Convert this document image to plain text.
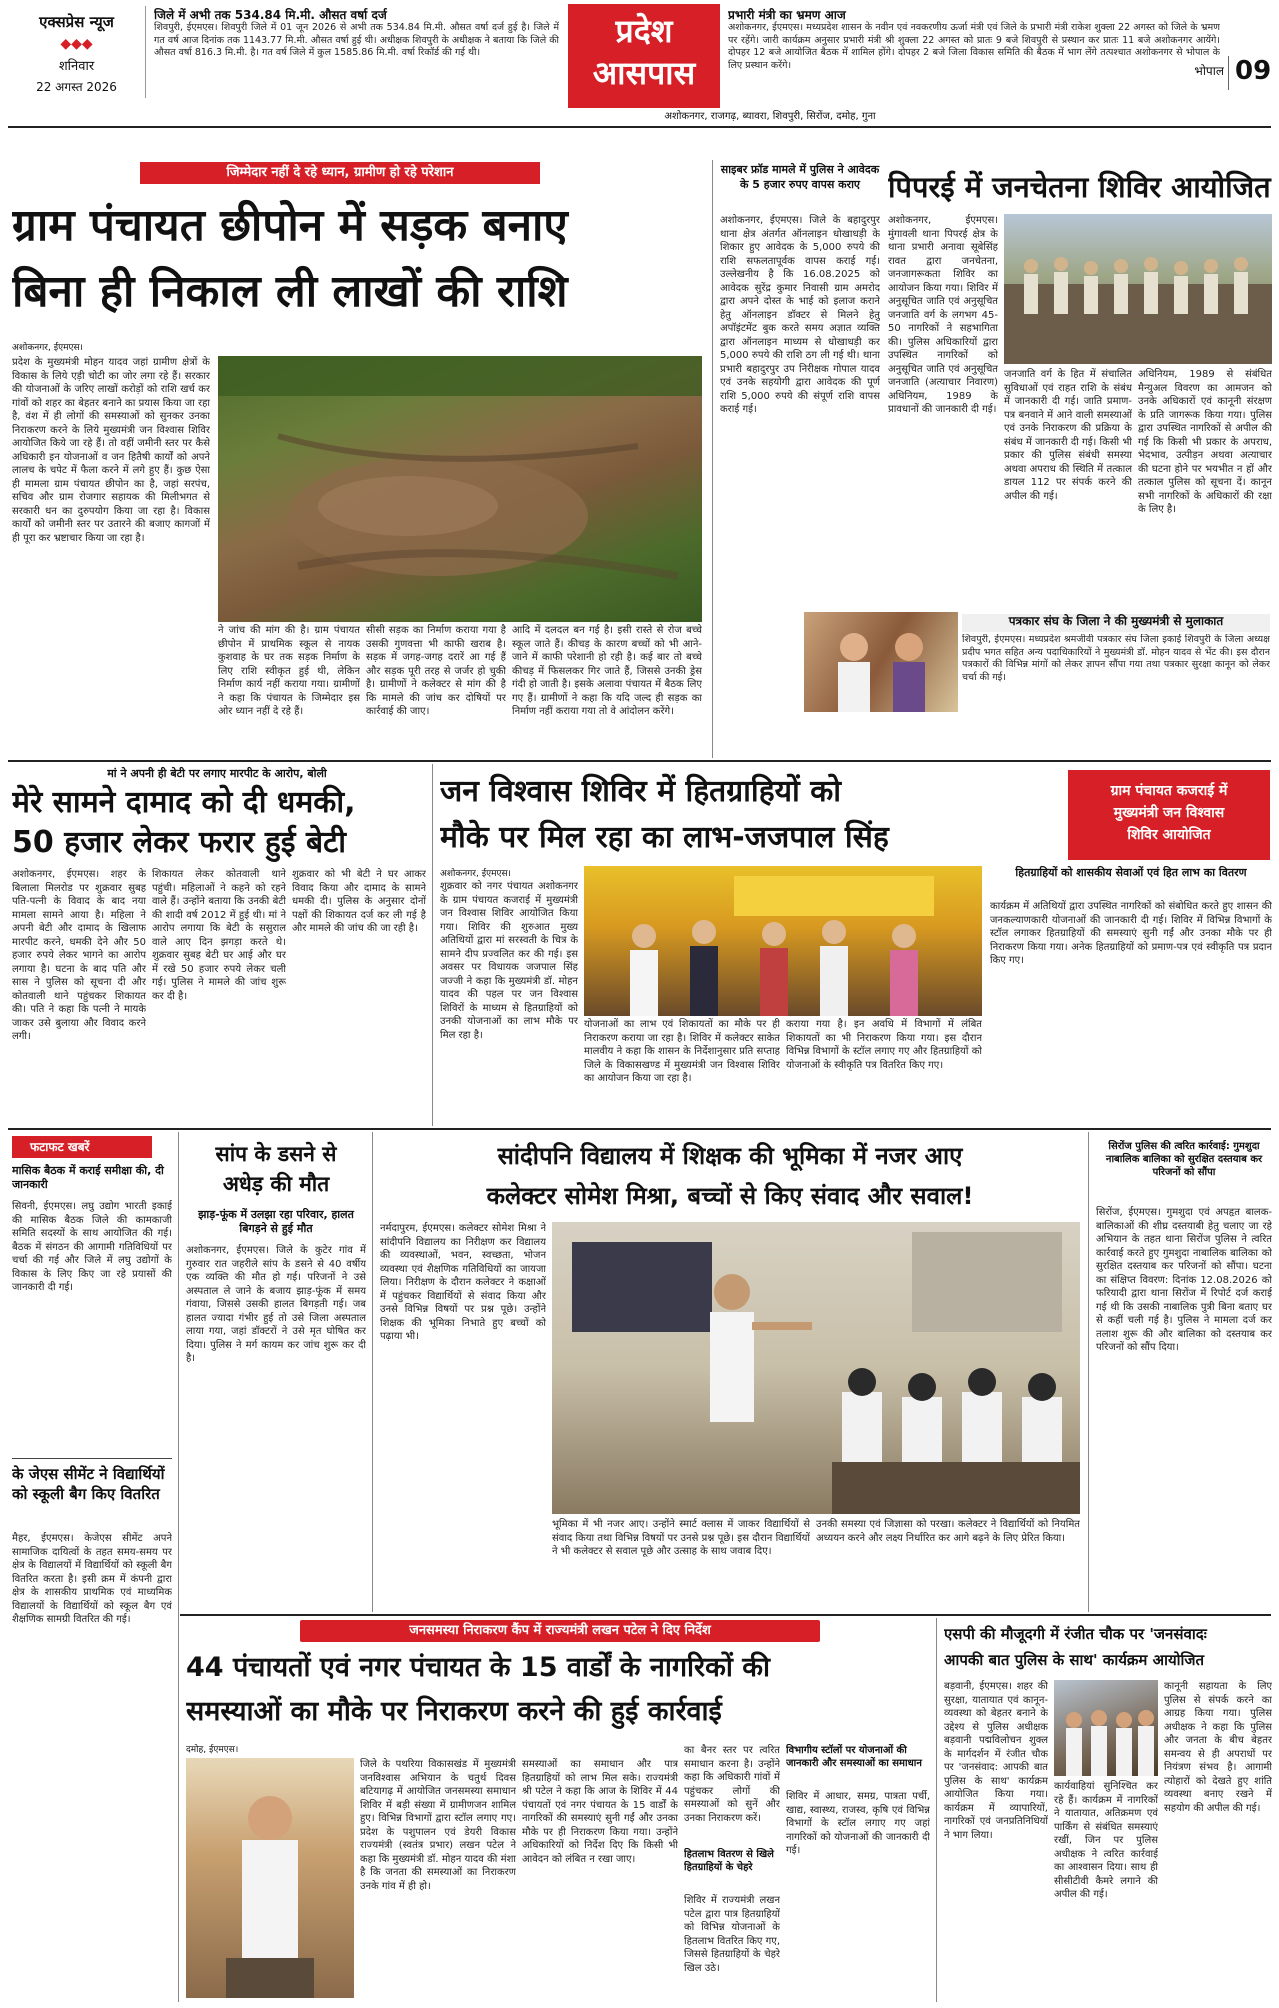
एक्सप्रेस न्यूज
◆◆◆
शनिवार
22 अगस्त 2026
जिले में अभी तक 534.84 मि.मी. औसत वर्षा दर्ज
शिवपुरी, ईएमएस। शिवपुरी जिले में 01 जून 2026 से अभी तक 534.84 मि.मी. औसत वर्षा दर्ज हुई है। जिले में गत वर्ष आज दिनांक तक 1143.77 मि.मी. औसत वर्षा हुई थी। अधीक्षक शिवपुरी के अधीक्षक ने बताया कि जिले की औसत वर्षा 816.3 मि.मी. है। गत वर्ष जिले में कुल 1585.86 मि.मी. वर्षा रिकॉर्ड की गई थी।
प्रदेश
आसपास
प्रभारी मंत्री का भ्रमण आज
अशोकनगर, ईएमएस। मध्यप्रदेश शासन के नवीन एवं नवकरणीय ऊर्जा मंत्री एवं जिले के प्रभारी मंत्री राकेश शुक्ला 22 अगस्त को जिले के भ्रमण पर रहेंगे। जारी कार्यक्रम अनुसार प्रभारी मंत्री श्री शुक्ला 22 अगस्त को प्रातः 9 बजे शिवपुरी से प्रस्थान कर प्रातः 11 बजे अशोकनगर आयेंगे। दोपहर 12 बजे आयोजित बैठक में शामिल होंगे। दोपहर 2 बजे जिला विकास समिति की बैठक में भाग लेंगे तत्पश्चात अशोकनगर से भोपाल के लिए प्रस्थान करेंगे।	भोपाल 09
अशोकनगर, राजगढ़, ब्यावरा, शिवपुरी, सिरोंज, दमोह, गुना
जिम्मेदार नहीं दे रहे ध्यान, ग्रामीण हो रहे परेशान
ग्राम पंचायत छीपोन में सड़क बनाए
बिना ही निकाल ली लाखों की राशि
अशोकनगर, ईएमएस।
प्रदेश के मुख्यमंत्री मोहन यादव जहां ग्रामीण क्षेत्रों के विकास के लिये एड़ी चोटी का जोर लगा रहे हैं। सरकार की योजनाओं के जरिए लाखों करोड़ों को राशि खर्च कर गांवों को शहर का बेहतर बनाने का प्रयास किया जा रहा है, वंश में ही लोगों की समस्याओं को सुनकर उनका निराकरण करने के लिये मुख्यमंत्री जन विश्वास शिविर आयोजित किये जा रहे हैं। तो वहीं जमीनी स्तर पर कैसे अधिकारी इन योजनाओं व जन हितैषी कार्यों को अपने लालच के चपेट में फैला करने में लगे हुए हैं। कुछ ऐसा ही मामला ग्राम पंचायत छीपोन का है, जहां सरपंच, सचिव और ग्राम रोजगार सहायक की मिलीभगत से सरकारी धन का दुरुपयोग किया जा रहा है। विकास कार्यों को जमीनी स्तर पर उतारने की बजाए कागजों में ही पूरा कर भ्रष्टाचार किया जा रहा है।
आदि में दलदल बन गई है। इसी रास्ते से रोज बच्चे स्कूल जाते हैं। कीचड़ के कारण बच्चों को भी आने-जाने में काफी परेशानी हो रही है। कई बार तो बच्चे कीचड़ में फिसलकर गिर जाते हैं, जिससे उनकी ड्रेस गंदी हो जाती है। इसके अलावा पंचायत में बैठक लिए गए हैं। ग्रामीणों ने कहा कि यदि जल्द ही सड़क का निर्माण नहीं कराया गया तो वे आंदोलन करेंगे।
ने जांच की मांग की है। ग्राम पंचायत छीपोन में प्राथमिक स्कूल से नायक कुशवाह के घर तक सड़क निर्माण के लिए राशि स्वीकृत हुई थी, लेकिन निर्माण कार्य नहीं कराया गया। ग्रामीणों ने कहा कि पंचायत के जिम्मेदार इस ओर ध्यान नहीं दे रहे हैं।
सीसी सड़क का निर्माण कराया गया है उसकी गुणवत्ता भी काफी खराब है। सड़क में जगह-जगह दरारें आ गई हैं और सड़क पूरी तरह से जर्जर हो चुकी है। ग्रामीणों ने कलेक्टर से मांग की है कि मामले की जांच कर दोषियों पर कार्रवाई की जाए।
साइबर फ्रॉड मामले में पुलिस ने आवेदक के 5 हजार रुपए वापस कराए
अशोकनगर, ईएमएस। जिले के बहादुरपुर थाना क्षेत्र अंतर्गत ऑनलाइन धोखाधड़ी के शिकार हुए आवेदक के 5,000 रुपये की राशि सफलतापूर्वक वापस कराई गई। उल्लेखनीय है कि 16.08.2025 को आवेदक सुरेंद्र कुमार निवासी ग्राम अमरोद द्वारा अपने दोस्त के भाई को इलाज कराने हेतु ऑनलाइन डॉक्टर से मिलने हेतु अपॉइंटमेंट बुक करते समय अज्ञात व्यक्ति द्वारा ऑनलाइन माध्यम से धोखाधड़ी कर 5,000 रुपये की राशि ठग ली गई थी। थाना प्रभारी बहादुरपुर उप निरीक्षक गोपाल यादव एवं उनके सहयोगी द्वारा आवेदक की पूर्ण राशि 5,000 रुपये की संपूर्ण राशि वापस कराई गई।
पिपरई में जनचेतना शिविर आयोजित
अशोकनगर, ईएमएस। मुंगावली थाना पिपरई क्षेत्र के थाना प्रभारी अनावा सूबेसिंह रावत द्वारा जनचेतना, जनजागरूकता शिविर का आयोजन किया गया। शिविर में अनुसूचित जाति एवं अनुसूचित जनजाति वर्ग के लगभग 45-50 नागरिकों ने सहभागिता की। पुलिस अधिकारियों द्वारा उपस्थित नागरिकों को अनुसूचित जाति एवं अनुसूचित जनजाति (अत्याचार निवारण) अधिनियम, 1989 के प्रावधानों की जानकारी दी गई।
जनजाति वर्ग के हित में संचालित सुविधाओं एवं राहत राशि के संबंध में जानकारी दी गई। जाति प्रमाण-पत्र बनवाने में आने वाली समस्याओं एवं उनके निराकरण की प्रक्रिया के संबंध में जानकारी दी गई। किसी भी प्रकार की पुलिस संबंधी समस्या अथवा अपराध की स्थिति में तत्काल डायल 112 पर संपर्क करने की अपील की गई।
अधिनियम, 1989 से संबंधित मैन्युअल विवरण का आमजन को उनके अधिकारों एवं कानूनी संरक्षण के प्रति जागरूक किया गया। पुलिस द्वारा उपस्थित नागरिकों से अपील की गई कि किसी भी प्रकार के अपराध, भेदभाव, उत्पीड़न अथवा अत्याचार की घटना होने पर भयभीत न हों और तत्काल पुलिस को सूचना दें। कानून सभी नागरिकों के अधिकारों की रक्षा के लिए है।
पत्रकार संघ के जिला ने की मुख्यमंत्री से मुलाकात
शिवपुरी, ईएमएस। मध्यप्रदेश श्रमजीवी पत्रकार संघ जिला इकाई शिवपुरी के जिला अध्यक्ष प्रदीप भगत सहित अन्य पदाधिकारियों ने मुख्यमंत्री डॉ. मोहन यादव से भेंट की। इस दौरान पत्रकारों की विभिन्न मांगों को लेकर ज्ञापन सौंपा गया तथा पत्रकार सुरक्षा कानून को लेकर चर्चा की गई।
मां ने अपनी ही बेटी पर लगाए मारपीट के आरोप, बोली
मेरे सामने दामाद को दी धमकी,
50 हजार लेकर फरार हुई बेटी
अशोकनगर, ईएमएस। शहर के बिलाला मिलरोड पर शुक्रवार सुबह पति-पत्नी के विवाद के बाद नया मामला सामने आया है। महिला ने अपनी बेटी और दामाद के खिलाफ मारपीट करने, धमकी देने और 50 हजार रुपये लेकर भागने का आरोप लगाया है। घटना के बाद पति और सास ने पुलिस को सूचना दी और कोतवाली थाने पहुंचकर शिकायत की। पति ने कहा कि पत्नी ने मायके जाकर उसे बुलाया और विवाद करने लगी।
शिकायत लेकर कोतवाली थाने पहुंची। महिलाओं ने कहने को रहने वाले हैं। उन्होंने बताया कि उनकी बेटी की शादी वर्ष 2012 में हुई थी। मां ने आरोप लगाया कि बेटी के ससुराल वाले आए दिन झगड़ा करते थे। शुक्रवार सुबह बेटी घर आई और घर में रखे 50 हजार रुपये लेकर चली गई। पुलिस ने मामले की जांच शुरू कर दी है।
शुक्रवार को भी बेटी ने घर आकर विवाद किया और दामाद के सामने धमकी दी। पुलिस के अनुसार दोनों पक्षों की शिकायत दर्ज कर ली गई है और मामले की जांच की जा रही है।
जन विश्वास शिविर में हितग्राहियों को
मौके पर मिल रहा का लाभ-जजपाल सिंह
अशोकनगर, ईएमएस।
शुक्रवार को नगर पंचायत अशोकनगर के ग्राम पंचायत कजराई में मुख्यमंत्री जन विश्वास शिविर आयोजित किया गया। शिविर की शुरुआत मुख्य अतिथियों द्वारा मां सरस्वती के चित्र के सामने दीप प्रज्वलित कर की गई। इस अवसर पर विधायक जजपाल सिंह जज्जी ने कहा कि मुख्यमंत्री डॉ. मोहन यादव की पहल पर जन विश्वास शिविरों के माध्यम से हितग्राहियों को उनकी योजनाओं का लाभ मौके पर मिल रहा है।
योजनाओं का लाभ एवं शिकायतों का मौके पर ही निराकरण कराया जा रहा है। शिविर में कलेक्टर साकेत मालवीय ने कहा कि शासन के निर्देशानुसार प्रति सप्ताह जिले के विकासखण्ड में मुख्यमंत्री जन विश्वास शिविर का आयोजन किया जा रहा है।
कराया गया है। इन अवधि में विभागों में लंबित शिकायतों का भी निराकरण किया गया। इस दौरान विभिन्न विभागों के स्टॉल लगाए गए और हितग्राहियों को योजनाओं के स्वीकृति पत्र वितरित किए गए।
ग्राम पंचायत कजराई में
मुख्यमंत्री जन विश्वास
शिविर आयोजित
हितग्राहियों को शासकीय सेवाओं एवं हित लाभ का वितरण
कार्यक्रम में अतिथियों द्वारा उपस्थित नागरिकों को संबोधित करते हुए शासन की जनकल्याणकारी योजनाओं की जानकारी दी गई। शिविर में विभिन्न विभागों के स्टॉल लगाकर हितग्राहियों की समस्याएं सुनी गईं और उनका मौके पर ही निराकरण किया गया। अनेक हितग्राहियों को प्रमाण-पत्र एवं स्वीकृति पत्र प्रदान किए गए।
फटाफट खबरें
मासिक बैठक में कराई समीक्षा की, दी जानकारी
सिवनी, ईएमएस। लघु उद्योग भारती इकाई की मासिक बैठक जिले की कामकाजी समिति सदस्यों के साथ आयोजित की गई। बैठक में संगठन की आगामी गतिविधियों पर चर्चा की गई और जिले में लघु उद्योगों के विकास के लिए किए जा रहे प्रयासों की जानकारी दी गई।
के जेएस सीमेंट ने विद्यार्थियों को स्कूली बैग किए वितरित
मैहर, ईएमएस। केजेएस सीमेंट अपने सामाजिक दायित्वों के तहत समय-समय पर क्षेत्र के विद्यालयों में विद्यार्थियों को स्कूली बैग वितरित करता है। इसी क्रम में कंपनी द्वारा क्षेत्र के शासकीय प्राथमिक एवं माध्यमिक विद्यालयों के विद्यार्थियों को स्कूल बैग एवं शैक्षणिक सामग्री वितरित की गई।
सांप के डसने से
अधेड़ की मौत
झाड़-फूंक में उलझा रहा परिवार, हालत बिगड़ने से हुई मौत
अशोकनगर, ईएमएस। जिले के कुटेर गांव में गुरुवार रात जहरीले सांप के डसने से 40 वर्षीय एक व्यक्ति की मौत हो गई। परिजनों ने उसे अस्पताल ले जाने के बजाय झाड़-फूंक में समय गंवाया, जिससे उसकी हालत बिगड़ती गई। जब हालत ज्यादा गंभीर हुई तो उसे जिला अस्पताल लाया गया, जहां डॉक्टरों ने उसे मृत घोषित कर दिया। पुलिस ने मर्ग कायम कर जांच शुरू कर दी है।
सांदीपनि विद्यालय में शिक्षक की भूमिका में नजर आए
कलेक्टर सोमेश मिश्रा, बच्चों से किए संवाद और सवाल!
नर्मदापुरम, ईएमएस। कलेक्टर सोमेश मिश्रा ने सांदीपनि विद्यालय का निरीक्षण कर विद्यालय की व्यवस्थाओं, भवन, स्वच्छता, भोजन व्यवस्था एवं शैक्षणिक गतिविधियों का जायजा लिया। निरीक्षण के दौरान कलेक्टर ने कक्षाओं में पहुंचकर विद्यार्थियों से संवाद किया और उनसे विभिन्न विषयों पर प्रश्न पूछे। उन्होंने शिक्षक की भूमिका निभाते हुए बच्चों को पढ़ाया भी।
भूमिका में भी नजर आए। उन्होंने स्मार्ट क्लास में जाकर विद्यार्थियों से संवाद किया तथा विभिन्न विषयों पर उनसे प्रश्न पूछे। इस दौरान विद्यार्थियों ने भी कलेक्टर से सवाल पूछे और उत्साह के साथ जवाब दिए।
उनकी समस्या एवं जिज्ञासा को परखा। कलेक्टर ने विद्यार्थियों को नियमित अध्ययन करने और लक्ष्य निर्धारित कर आगे बढ़ने के लिए प्रेरित किया।
सिरोंज पुलिस की त्वरित कार्रवाई: गुमशुदा नाबालिक बालिका को सुरक्षित दस्तयाब कर परिजनों को सौंपा
सिरोंज, ईएमएस। गुमशुदा एवं अपहृत बालक-बालिकाओं की शीघ्र दस्तयाबी हेतु चलाए जा रहे अभियान के तहत थाना सिरोंज पुलिस ने त्वरित कार्रवाई करते हुए गुमशुदा नाबालिक बालिका को सुरक्षित दस्तयाब कर परिजनों को सौंपा। घटना का संक्षिप्त विवरण: दिनांक 12.08.2026 को फरियादी द्वारा थाना सिरोंज में रिपोर्ट दर्ज कराई गई थी कि उसकी नाबालिक पुत्री बिना बताए घर से कहीं चली गई है। पुलिस ने मामला दर्ज कर तलाश शुरू की और बालिका को दस्तयाब कर परिजनों को सौंप दिया।
जनसमस्या निराकरण कैंप में राज्यमंत्री लखन पटेल ने दिए निर्देश
44 पंचायतों एवं नगर पंचायत के 15 वार्डों के नागरिकों की
समस्याओं का मौके पर निराकरण करने की हुई कार्रवाई
दमोह, ईएमएस।
जिले के पथरिया विकासखंड में मुख्यमंत्री जनविश्वास अभियान के चतुर्थ दिवस बटियागढ़ में आयोजित जनसमस्या समाधान शिविर में बड़ी संख्या में ग्रामीणजन शामिल हुए। विभिन्न विभागों द्वारा स्टॉल लगाए गए। प्रदेश के पशुपालन एवं डेयरी विकास राज्यमंत्री (स्वतंत्र प्रभार) लखन पटेल ने कहा कि मुख्यमंत्री डॉ. मोहन यादव की मंशा है कि जनता की समस्याओं का निराकरण उनके गांव में ही हो।
समस्याओं का समाधान और पात्र हितग्राहियों को लाभ मिल सके। राज्यमंत्री श्री पटेल ने कहा कि आज के शिविर में 44 पंचायतों एवं नगर पंचायत के 15 वार्डों के नागरिकों की समस्याएं सुनी गईं और उनका मौके पर ही निराकरण किया गया। उन्होंने अधिकारियों को निर्देश दिए कि किसी भी आवेदन को लंबित न रखा जाए।
का बैनर स्तर पर त्वरित समाधान करना है। उन्होंने कहा कि अधिकारी गांवों में पहुंचकर लोगों की समस्याओं को सुनें और उनका निराकरण करें।
हितलाभ वितरण से खिले हितग्राहियों के चेहरे
शिविर में राज्यमंत्री लखन पटेल द्वारा पात्र हितग्राहियों को विभिन्न योजनाओं के हितलाभ वितरित किए गए, जिससे हितग्राहियों के चेहरे खिल उठे।
विभागीय स्टॉलों पर योजनाओं की जानकारी और समस्याओं का समाधान
शिविर में आधार, समग्र, पात्रता पर्ची, खाद्य, स्वास्थ्य, राजस्व, कृषि एवं विभिन्न विभागों के स्टॉल लगाए गए जहां नागरिकों को योजनाओं की जानकारी दी गई।
एसपी की मौजूदगी में रंजीत चौक पर 'जनसंवादः
आपकी बात पुलिस के साथ' कार्यक्रम आयोजित
बड़वानी, ईएमएस। शहर की सुरक्षा, यातायात एवं कानून-व्यवस्था को बेहतर बनाने के उद्देश्य से पुलिस अधीक्षक बड़वानी पद्मविलोचन शुक्ल के मार्गदर्शन में रंजीत चौक पर 'जनसंवाद: आपकी बात पुलिस के साथ' कार्यक्रम आयोजित किया गया। कार्यक्रम में व्यापारियों, नागरिकों एवं जनप्रतिनिधियों ने भाग लिया।
कार्यवाहियां सुनिश्चित कर रहे हैं। कार्यक्रम में नागरिकों ने यातायात, अतिक्रमण एवं पार्किंग से संबंधित समस्याएं रखीं, जिन पर पुलिस अधीक्षक ने त्वरित कार्रवाई का आश्वासन दिया। साथ ही सीसीटीवी कैमरे लगाने की अपील की गई।
कानूनी सहायता के लिए पुलिस से संपर्क करने का आग्रह किया गया। पुलिस अधीक्षक ने कहा कि पुलिस और जनता के बीच बेहतर समन्वय से ही अपराधों पर नियंत्रण संभव है। आगामी त्योहारों को देखते हुए शांति व्यवस्था बनाए रखने में सहयोग की अपील की गई।
